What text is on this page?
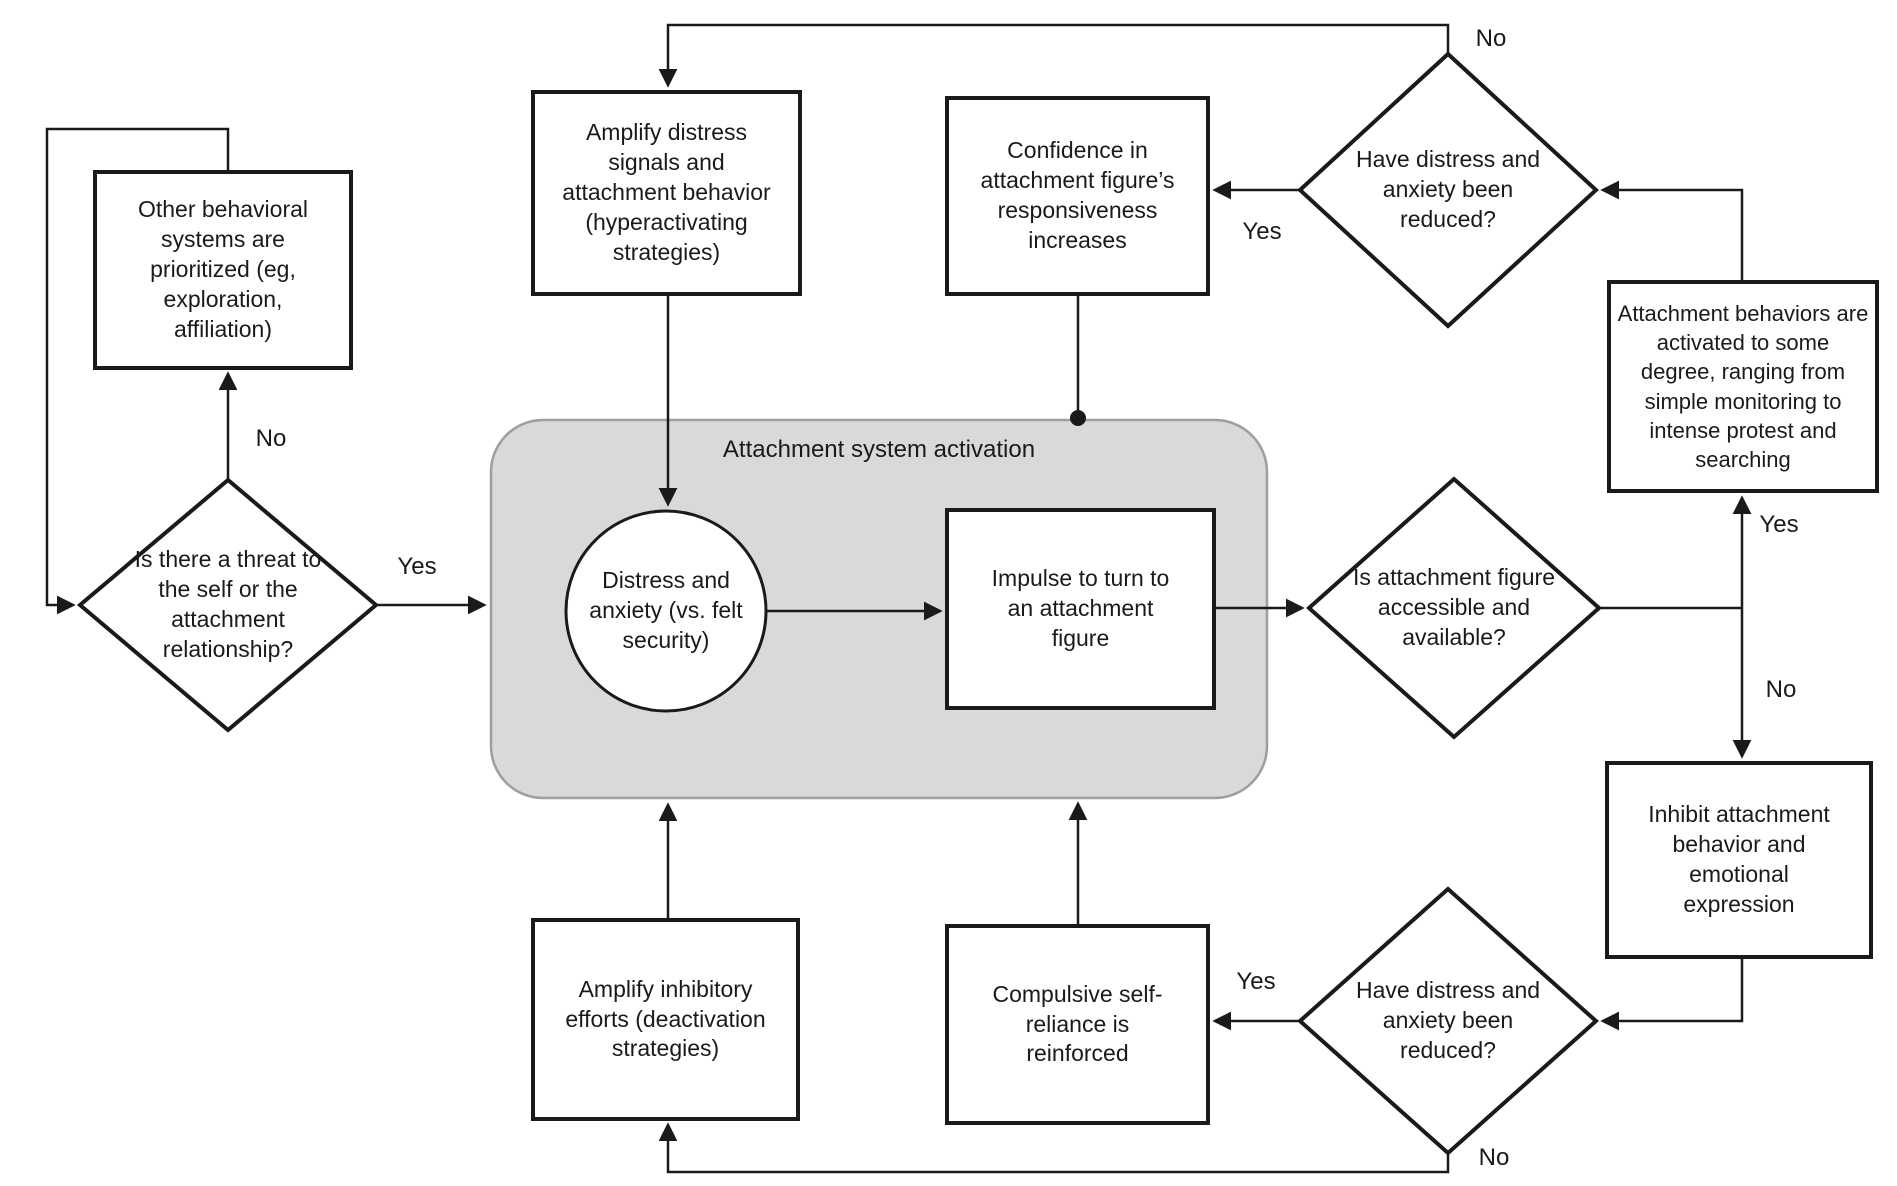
Attachment system activation
Other behavioral systems are prioritized (eg, exploration, affiliation)
Is there a threat to the self or the attachment relationship?
Amplify distress signals and attachment behavior (hyperactivating strategies)
Confidence in attachment figure’s responsiveness increases
Have distress and anxiety been reduced?
Distress and anxiety (vs. felt security)
Impulse to turn to an attachment figure
Is attachment figure accessible and available?
Attachment behaviors are activated to some degree, ranging from simple monitoring to intense protest and searching
Inhibit attachment behavior and emotional expression
Have distress and anxiety been reduced?
Compulsive self-reliance is reinforced
Amplify inhibitory efforts (deactivation strategies)
No
Yes
No
Yes
Yes
No
Yes
No
